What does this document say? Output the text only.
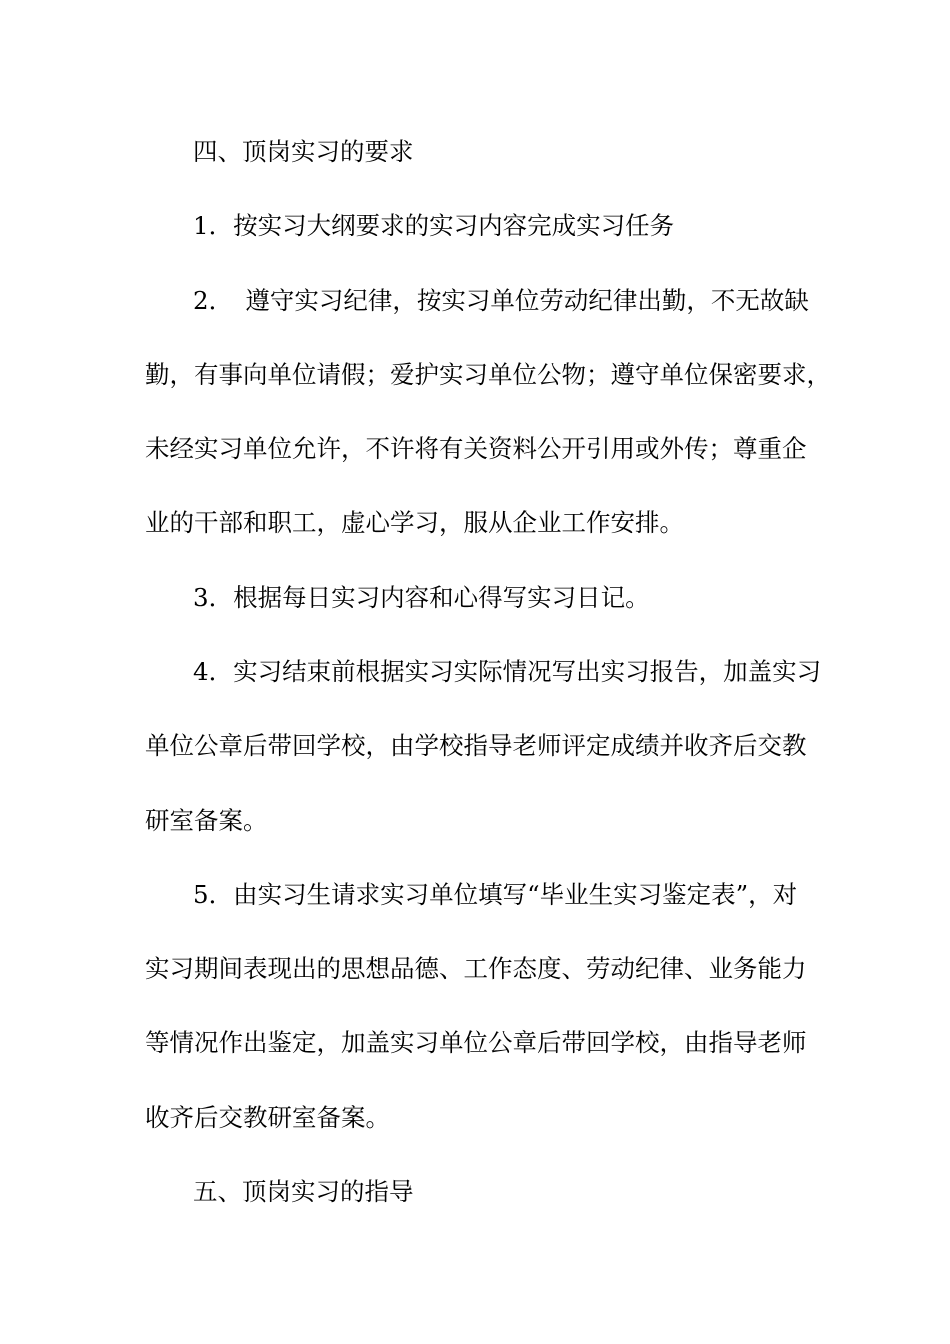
四、顶岗实习的要求
1．按实习大纲要求的实习内容完成实习任务
2．　遵守实习纪律，按实习单位劳动纪律出勤，不无故缺
勤，有事向单位请假；爱护实习单位公物；遵守单位保密要求，
未经实习单位允许，不许将有关资料公开引用或外传；尊重企
业的干部和职工，虚心学习，服从企业工作安排。
3．根据每日实习内容和心得写实习日记。
4．实习结束前根据实习实际情况写出实习报告，加盖实习
单位公章后带回学校，由学校指导老师评定成绩并收齐后交教
研室备案。
5．由实习生请求实习单位填写“毕业生实习鉴定表”，对
实习期间表现出的思想品德、工作态度、劳动纪律、业务能力
等情况作出鉴定，加盖实习单位公章后带回学校，由指导老师
收齐后交教研室备案。
五、顶岗实习的指导
